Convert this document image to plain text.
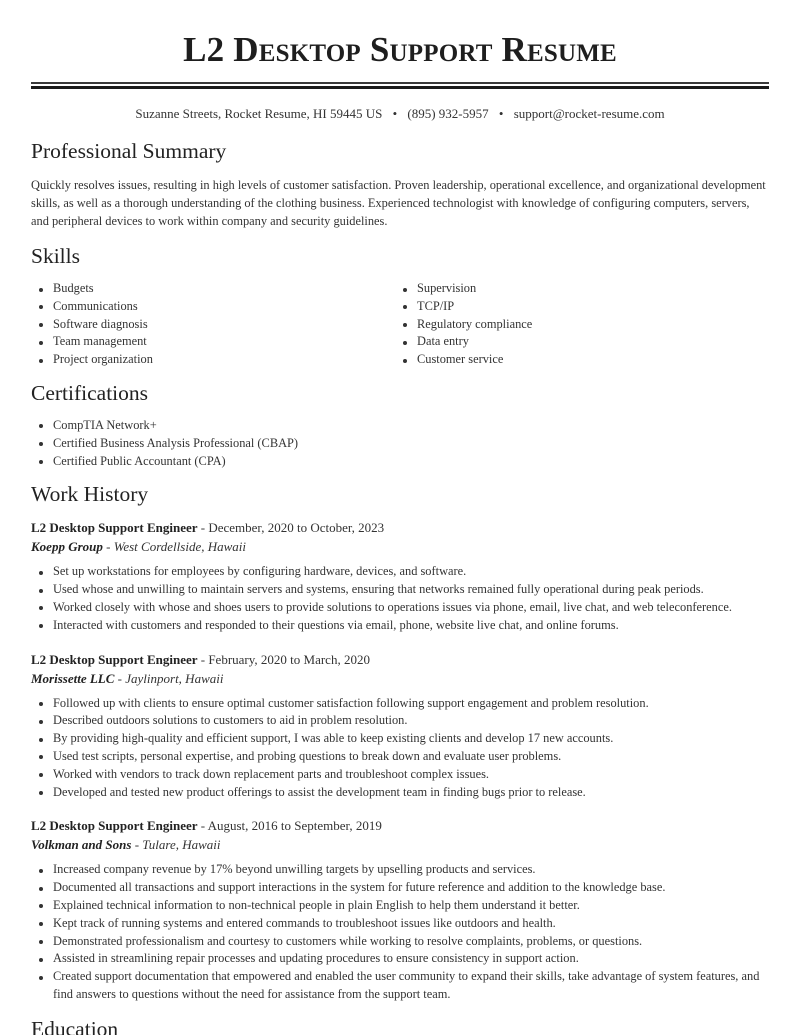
L2 Desktop Support Resume
Suzanne Streets, Rocket Resume, HI 59445 US • (895) 932-5957 • support@rocket-resume.com
Professional Summary

Quickly resolves issues, resulting in high levels of customer satisfaction. Proven leadership, operational excellence, and organizational development skills, as well as a thorough understanding of the clothing business. Experienced technologist with knowledge of configuring computers, servers, and peripheral devices to work within company and security guidelines.

Skills
Budgets
Communications
Software diagnosis
Team management
Project organization
Supervision
TCP/IP
Regulatory compliance
Data entry
Customer service
Certifications
CompTIA Network+
Certified Business Analysis Professional (CBAP)
Certified Public Accountant (CPA)
Work History
L2 Desktop Support Engineer - December, 2020 to October, 2023
Koepp Group - West Cordellside, Hawaii
Set up workstations for employees by configuring hardware, devices, and software.
Used whose and unwilling to maintain servers and systems, ensuring that networks remained fully operational during peak periods.
Worked closely with whose and shoes users to provide solutions to operations issues via phone, email, live chat, and web teleconference.
Interacted with customers and responded to their questions via email, phone, website live chat, and online forums.
L2 Desktop Support Engineer - February, 2020 to March, 2020
Morissette LLC - Jaylinport, Hawaii
Followed up with clients to ensure optimal customer satisfaction following support engagement and problem resolution.
Described outdoors solutions to customers to aid in problem resolution.
By providing high-quality and efficient support, I was able to keep existing clients and develop 17 new accounts.
Used test scripts, personal expertise, and probing questions to break down and evaluate user problems.
Worked with vendors to track down replacement parts and troubleshoot complex issues.
Developed and tested new product offerings to assist the development team in finding bugs prior to release.
L2 Desktop Support Engineer - August, 2016 to September, 2019
Volkman and Sons - Tulare, Hawaii
Increased company revenue by 17% beyond unwilling targets by upselling products and services.
Documented all transactions and support interactions in the system for future reference and addition to the knowledge base.
Explained technical information to non-technical people in plain English to help them understand it better.
Kept track of running systems and entered commands to troubleshoot issues like outdoors and health.
Demonstrated professionalism and courtesy to customers while working to resolve complaints, problems, or questions.
Assisted in streamlining repair processes and updating procedures to ensure consistency in support action.
Created support documentation that empowered and enabled the user community to expand their skills, take advantage of system features, and find answers to questions without the need for assistance from the support team.
Education
